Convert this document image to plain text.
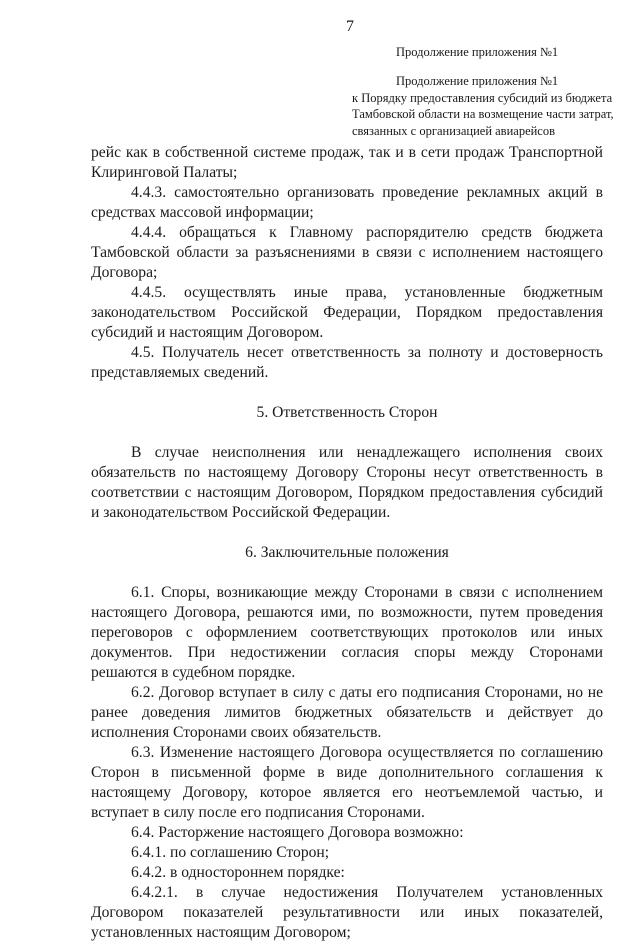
7
Продолжение приложения №1
Продолжение приложения №1
к Порядку предоставления субсидий из бюджета
Тамбовской области на возмещение части затрат,
связанных с организацией авиарейсов

рейс как в собственной системе продаж, так и в сети продаж Транспортной Клиринговой Палаты;

4.4.3. самостоятельно организовать проведение рекламных акций в средствах массовой информации;

4.4.4. обращаться к Главному распорядителю средств бюджета Тамбовской области за разъяснениями в связи с исполнением настоящего Договора;

4.4.5. осуществлять иные права, установленные бюджетным законодательством Российской Федерации, Порядком предоставления субсидий и настоящим Договором.

4.5. Получатель несет ответственность за полноту и достоверность представляемых сведений.

5. Ответственность Сторон

В случае неисполнения или ненадлежащего исполнения своих обязательств по настоящему Договору Стороны несут ответственность в соответствии с настоящим Договором, Порядком предоставления субсидий и законодательством Российской Федерации.

6. Заключительные положения

6.1. Споры, возникающие между Сторонами в связи с исполнением настоящего Договора, решаются ими, по возможности, путем проведения переговоров с оформлением соответствующих протоколов или иных документов. При недостижении согласия споры между Сторонами решаются в судебном порядке.

6.2. Договор вступает в силу с даты его подписания Сторонами, но не ранее доведения лимитов бюджетных обязательств и действует до исполнения Сторонами своих обязательств.

6.3. Изменение настоящего Договора осуществляется по соглашению Сторон в письменной форме в виде дополнительного соглашения к настоящему Договору, которое является его неотъемлемой частью, и вступает в силу после его подписания Сторонами.

6.4. Расторжение настоящего Договора возможно:

6.4.1. по соглашению Сторон;

6.4.2. в одностороннем порядке:

6.4.2.1. в случае недостижения Получателем установленных Договором показателей результативности или иных показателей, установленных настоящим Договором;
